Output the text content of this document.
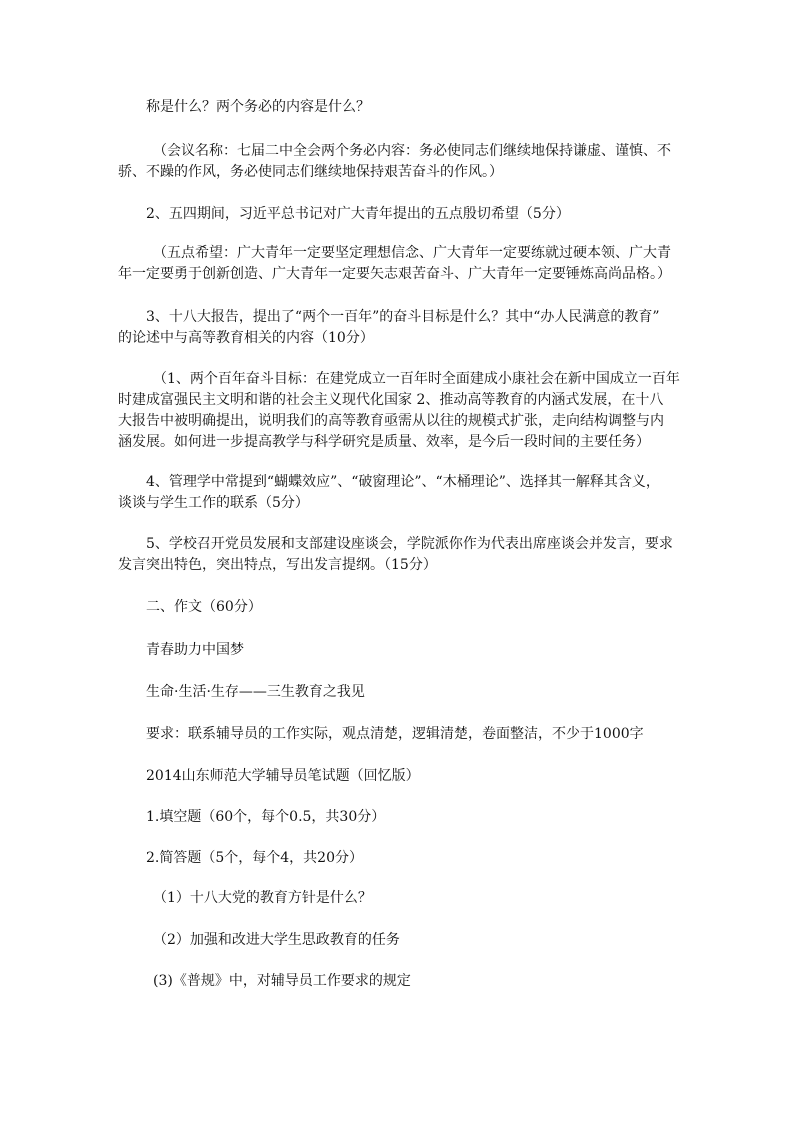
称是什么？两个务必的内容是什么？

（会议名称：七届二中全会两个务必内容：务必使同志们继续地保持谦虚、谨慎、不
骄、不躁的作风，务必使同志们继续地保持艰苦奋斗的作风。）

2、五四期间，习近平总书记对广大青年提出的五点殷切希望（5分）

（五点希望：广大青年一定要坚定理想信念、广大青年一定要练就过硬本领、广大青
年一定要勇于创新创造、广大青年一定要矢志艰苦奋斗、广大青年一定要锤炼高尚品格。）

3、十八大报告，提出了“两个一百年”的奋斗目标是什么？其中“办人民满意的教育”
的论述中与高等教育相关的内容（10分）

（1、两个百年奋斗目标：在建党成立一百年时全面建成小康社会在新中国成立一百年
时建成富强民主文明和谐的社会主义现代化国家 2、推动高等教育的内涵式发展，在十八
大报告中被明确提出，说明我们的高等教育亟需从以往的规模式扩张，走向结构调整与内
涵发展。如何进一步提高教学与科学研究是质量、效率，是今后一段时间的主要任务）

4、管理学中常提到“蝴蝶效应”、“破窗理论”、“木桶理论”、选择其一解释其含义，
谈谈与学生工作的联系（5分）

5、学校召开党员发展和支部建设座谈会，学院派你作为代表出席座谈会并发言，要求
发言突出特色，突出特点，写出发言提纲。（15分）

二、作文（60分）

青春助力中国梦

生命·生活·生存——三生教育之我见

要求：联系辅导员的工作实际，观点清楚，逻辑清楚，卷面整洁，不少于1000字

2014山东师范大学辅导员笔试题（回忆版）

1.填空题（60个，每个0.5，共30分）

2.简答题（5个，每个4，共20分）

（1）十八大党的教育方针是什么？

（2）加强和改进大学生思政教育的任务

(3)《普规》中，对辅导员工作要求的规定
